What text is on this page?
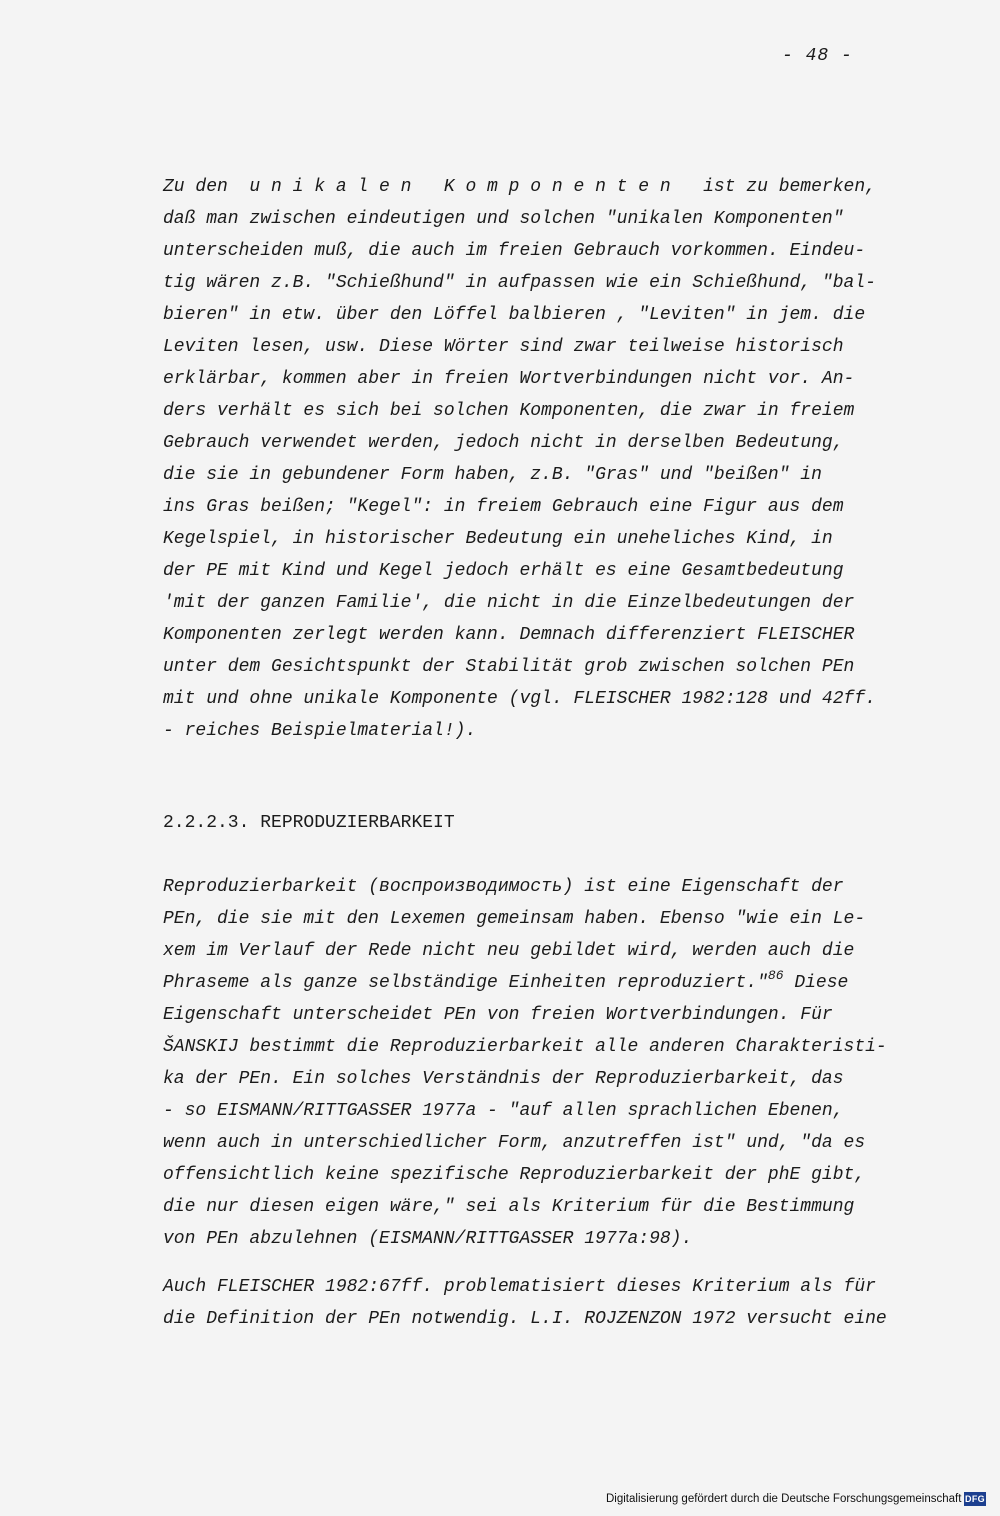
- 48 -
Zu den  u n i k a l e n   K o m p o n e n t e n   ist zu bemerken,
daß man zwischen eindeutigen und solchen "unikalen Komponenten"
unterscheiden muß, die auch im freien Gebrauch vorkommen. Eindeu-
tig wären z.B. "Schießhund" in aufpassen wie ein Schießhund, "bal-
bieren" in etw. über den Löffel balbieren , "Leviten" in jem. die
Leviten lesen, usw. Diese Wörter sind zwar teilweise historisch
erklärbar, kommen aber in freien Wortverbindungen nicht vor. An-
ders verhält es sich bei solchen Komponenten, die zwar in freiem
Gebrauch verwendet werden, jedoch nicht in derselben Bedeutung,
die sie in gebundener Form haben, z.B. "Gras" und "beißen" in
ins Gras beißen; "Kegel": in freiem Gebrauch eine Figur aus dem
Kegelspiel, in historischer Bedeutung ein uneheliches Kind, in
der PE mit Kind und Kegel jedoch erhält es eine Gesamtbedeutung
'mit der ganzen Familie', die nicht in die Einzelbedeutungen der
Komponenten zerlegt werden kann. Demnach differenziert FLEISCHER
unter dem Gesichtspunkt der Stabilität grob zwischen solchen PEn
mit und ohne unikale Komponente (vgl. FLEISCHER 1982:128 und 42ff.
- reiches Beispielmaterial!).
2.2.2.3. REPRODUZIERBARKEIT
Reproduzierbarkeit (воспроизводимость) ist eine Eigenschaft der
PEn, die sie mit den Lexemen gemeinsam haben. Ebenso "wie ein Le-
xem im Verlauf der Rede nicht neu gebildet wird, werden auch die
Phraseme als ganze selbständige Einheiten reproduziert."$^{86}$ Diese
Eigenschaft unterscheidet PEn von freien Wortverbindungen. Für
ŠANSKIJ bestimmt die Reproduzierbarkeit alle anderen Charakteristi-
ka der PEn. Ein solches Verständnis der Reproduzierbarkeit, das
- so EISMANN/RITTGASSER 1977a - "auf allen sprachlichen Ebenen,
wenn auch in unterschiedlicher Form, anzutreffen ist" und, "da es
offensichtlich keine spezifische Reproduzierbarkeit der phE gibt,
die nur diesen eigen wäre," sei als Kriterium für die Bestimmung
von PEn abzulehnen (EISMANN/RITTGASSER 1977a:98).
Auch FLEISCHER 1982:67ff. problematisiert dieses Kriterium als für
die Definition der PEn notwendig. L.I. ROJZENZON 1972 versucht eine
Digitalisierung gefördert durch die Deutsche Forschungsgemeinschaft DFG
